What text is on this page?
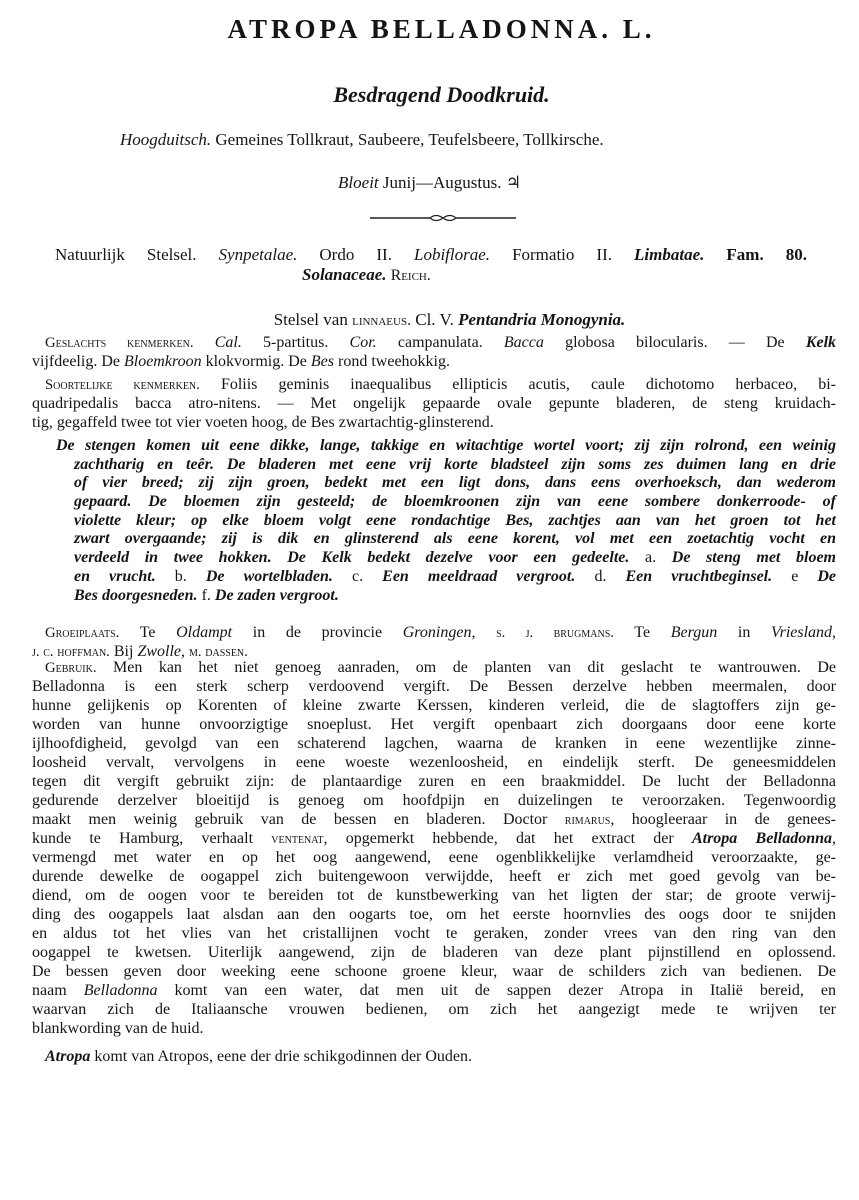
ATROPA BELLADONNA. L.
Besdragend Doodkruid.
Hoogduitsch. Gemeines Tollkraut, Saubeere, Teufelsbeere, Tollkirsche.
Bloeit Junij—Augustus. ♃
Natuurlijk Stelsel. Synpetalae. Ordo II. Lobiflorae. Formatio II. Limbatae. Fam. 80.
Solanaceae. Reich.
Stelsel van linnaeus. Cl. V. Pentandria Monogynia.
Geslachts kenmerken. Cal. 5-partitus. Cor. campanulata. Bacca globosa bilocularis. — De Kelk
vijfdeelig. De Bloemkroon klokvormig. De Bes rond tweehokkig.
Soortelijke kenmerken. Foliis geminis inaequalibus ellipticis acutis, caule dichotomo herbaceo, bi-
quadripedalis bacca atro-nitens. — Met ongelijk gepaarde ovale gepunte bladeren, de steng kruidach-
tig, gegaffeld twee tot vier voeten hoog, de Bes zwartachtig-glinsterend.
De stengen komen uit eene dikke, lange, takkige en witachtige wortel voort; zij zijn rolrond, een weinig
zachtharig en teêr. De bladeren met eene vrij korte bladsteel zijn soms zes duimen lang en drie
of vier breed; zij zijn groen, bedekt met een ligt dons, dans eens overhoeksch, dan wederom
gepaard. De bloemen zijn gesteeld; de bloemkroonen zijn van eene sombere donkerroode- of
violette kleur; op elke bloem volgt eene rondachtige Bes, zachtjes aan van het groen tot het
zwart overgaande; zij is dik en glinsterend als eene korent, vol met een zoetachtig vocht en
verdeeld in twee hokken. De Kelk bedekt dezelve voor een gedeelte. a. De steng met bloem
en vrucht. b. De wortelbladen. c. Een meeldraad vergroot. d. Een vruchtbeginsel. e De
Bes doorgesneden. f. De zaden vergroot.
Groeiplaats. Te Oldampt in de provincie Groningen, s. j. brugmans. Te Bergun in Vriesland,
j. c. hoffman. Bij Zwolle, m. dassen.
Gebruik. Men kan het niet genoeg aanraden, om de planten van dit geslacht te wantrouwen. De
Belladonna is een sterk scherp verdoovend vergift. De Bessen derzelve hebben meermalen, door
hunne gelijkenis op Korenten of kleine zwarte Kerssen, kinderen verleid, die de slagtoffers zijn ge-
worden van hunne onvoorzigtige snoeplust. Het vergift openbaart zich doorgaans door eene korte
ijlhoofdigheid, gevolgd van een schaterend lagchen, waarna de kranken in eene wezentlijke zinne-
loosheid vervalt, vervolgens in eene woeste wezenloosheid, en eindelijk sterft. De geneesmiddelen
tegen dit vergift gebruikt zijn: de plantaardige zuren en een braakmiddel. De lucht der Belladonna
gedurende derzelver bloeitijd is genoeg om hoofdpijn en duizelingen te veroorzaken. Tegenwoordig
maakt men weinig gebruik van de bessen en bladeren. Doctor rimarus, hoogleeraar in de genees-
kunde te Hamburg, verhaalt ventenat, opgemerkt hebbende, dat het extract der Atropa Belladonna,
vermengd met water en op het oog aangewend, eene ogenblikkelijke verlamdheid veroorzaakte, ge-
durende dewelke de oogappel zich buitengewoon verwijdde, heeft er zich met goed gevolg van be-
diend, om de oogen voor te bereiden tot de kunstbewerking van het ligten der star; de groote verwij-
ding des oogappels laat alsdan aan den oogarts toe, om het eerste hoornvlies des oogs door te snijden
en aldus tot het vlies van het cristallijnen vocht te geraken, zonder vrees van den ring van den
oogappel te kwetsen. Uiterlijk aangewend, zijn de bladeren van deze plant pijnstillend en oplossend.
De bessen geven door weeking eene schoone groene kleur, waar de schilders zich van bedienen. De
naam Belladonna komt van een water, dat men uit de sappen dezer Atropa in Italië bereid, en
waarvan zich de Italiaansche vrouwen bedienen, om zich het aangezigt mede te wrijven ter
blankwording van de huid.
Atropa komt van Atropos, eene der drie schikgodinnen der Ouden.
